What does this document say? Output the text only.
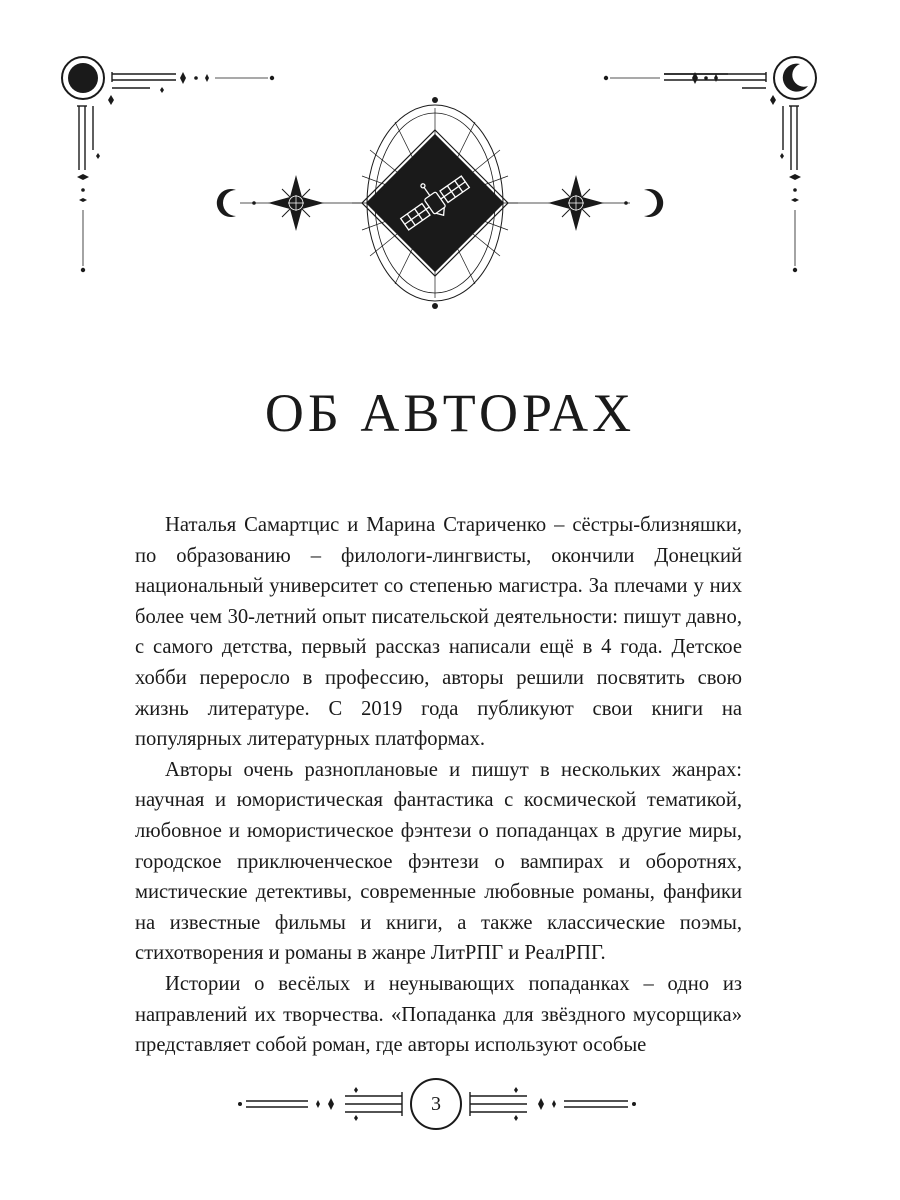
ОБ АВТОРАХ

Наталья Самартцис и Марина Стариченко – сёстры-близняшки, по образованию – филологи-лингвисты, окончили Донецкий национальный университет со степенью магистра. За плечами у них более чем 30-летний опыт писательской деятельности: пишут давно, с самого детства, первый рассказ написали ещё в 4 года. Детское хобби переросло в профессию, авторы решили посвятить свою жизнь литературе. С 2019 года публикуют свои книги на популярных литературных платформах.

Авторы очень разноплановые и пишут в нескольких жанрах: научная и юмористическая фантастика с космической тематикой, любовное и юмористическое фэнтези о попаданцах в другие миры, городское приключенческое фэнтези о вампирах и оборотнях, мистические детективы, современные любовные романы, фанфики на известные фильмы и книги, а также классические поэмы, стихотворения и романы в жанре ЛитРПГ и РеалРПГ.

Истории о весёлых и неунывающих попаданках – одно из направлений их творчества. «Попаданка для звёздного мусорщика» представляет собой роман, где авторы используют особые

3
